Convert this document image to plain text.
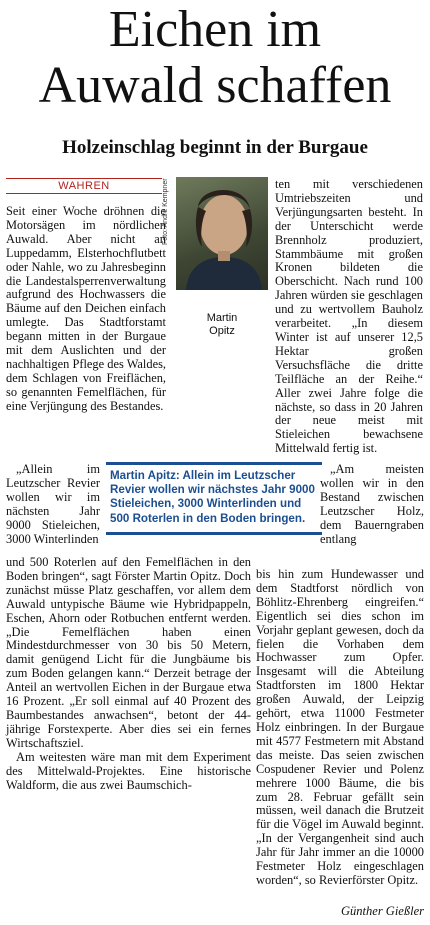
Eichen im
Auwald schaffen
Holzeinschlag beginnt in der Burgaue
WAHREN	Foto: André Kempner
Martin
Opitz

Seit einer Woche dröhnen die Motorsägen im nördlichen Auwald. Aber nicht an Luppedamm, Elsterhochflutbett oder Nahle, wo zu Jahresbeginn die Landestalsperrenverwaltung aufgrund des Hochwassers die Bäume auf den Deichen einfach umlegte. Das Stadtforstamt begann mitten in der Burgaue mit dem Auslichten und der nachhaltigen Pflege des Waldes, dem Schlagen von Freiflächen, so genannten Femelflächen, für eine Verjüngung des Bestandes.

„Allein im Leutzscher Revier wollen wir im nächsten Jahr 9000 Stieleichen, 3000 Winterlinden

und 500 Roterlen auf den Femelflächen in den Boden bringen“, sagt Förster Martin Opitz. Doch zunächst müsse Platz geschaffen, vor allem dem Auwald untypische Bäume wie Hybridpappeln, Eschen, Ahorn oder Rotbuchen entfernt werden. „Die Femelflächen haben einen Mindestdurchmesser von 30 bis 50 Metern, damit genügend Licht für die Jungbäume bis zum Boden gelangen kann.“ Derzeit betrage der Anteil an wertvollen Eichen in der Burgaue etwa 16 Prozent. „Er soll einmal auf 40 Prozent des Baumbestandes anwachsen“, betont der 44-jährige Forstexperte. Aber dies sei ein fernes Wirtschaftsziel.

Am weitesten wäre man mit dem Experiment des Mittelwald-Projektes. Eine historische Waldform, die aus zwei Baumschich-

Martin Apitz: Allein im Leutzscher Revier wollen wir nächstes Jahr 9000 Stieleichen, 3000 Winterlinden und 500 Roterlen in den Boden bringen.

ten mit verschiedenen Umtriebszeiten und Verjüngungsarten besteht. In der Unterschicht werde Brennholz produziert, Stammbäume mit großen Kronen bildeten die Oberschicht. Nach rund 100 Jahren würden sie geschlagen und zu wertvollem Bauholz verarbeitet. „In diesem Winter ist auf unserer 12,5 Hektar großen Versuchsfläche die dritte Teilfläche an der Reihe.“ Aller zwei Jahre folge die nächste, so dass in 20 Jahren der neue meist mit Stieleichen bewachsene Mittelwald fertig ist.

„Am meisten wollen wir in den Bestand zwischen Leutzscher Holz, dem Bauerngraben entlang

bis hin zum Hundewasser und dem Stadtforst nördlich von Böhlitz-Ehrenberg eingreifen.“ Eigentlich sei dies schon im Vorjahr geplant gewesen, doch da fielen die Vorhaben dem Hochwasser zum Opfer. Insgesamt will die Abteilung Stadtforsten im 1800 Hektar großen Auwald, der Leipzig gehört, etwa 11000 Festmeter Holz einbringen. In der Burgaue mit 4577 Festmetern mit Abstand das meiste. Das seien zwischen Cospudener Revier und Polenz mehrere 1000 Bäume, die bis zum 28. Februar gefällt sein müssen, weil danach die Brutzeit für die Vögel im Auwald beginnt. „In der Vergangenheit sind auch Jahr für Jahr immer an die 10000 Festmeter Holz eingeschlagen worden“, so Revierförster Opitz.

Günther Gießler
